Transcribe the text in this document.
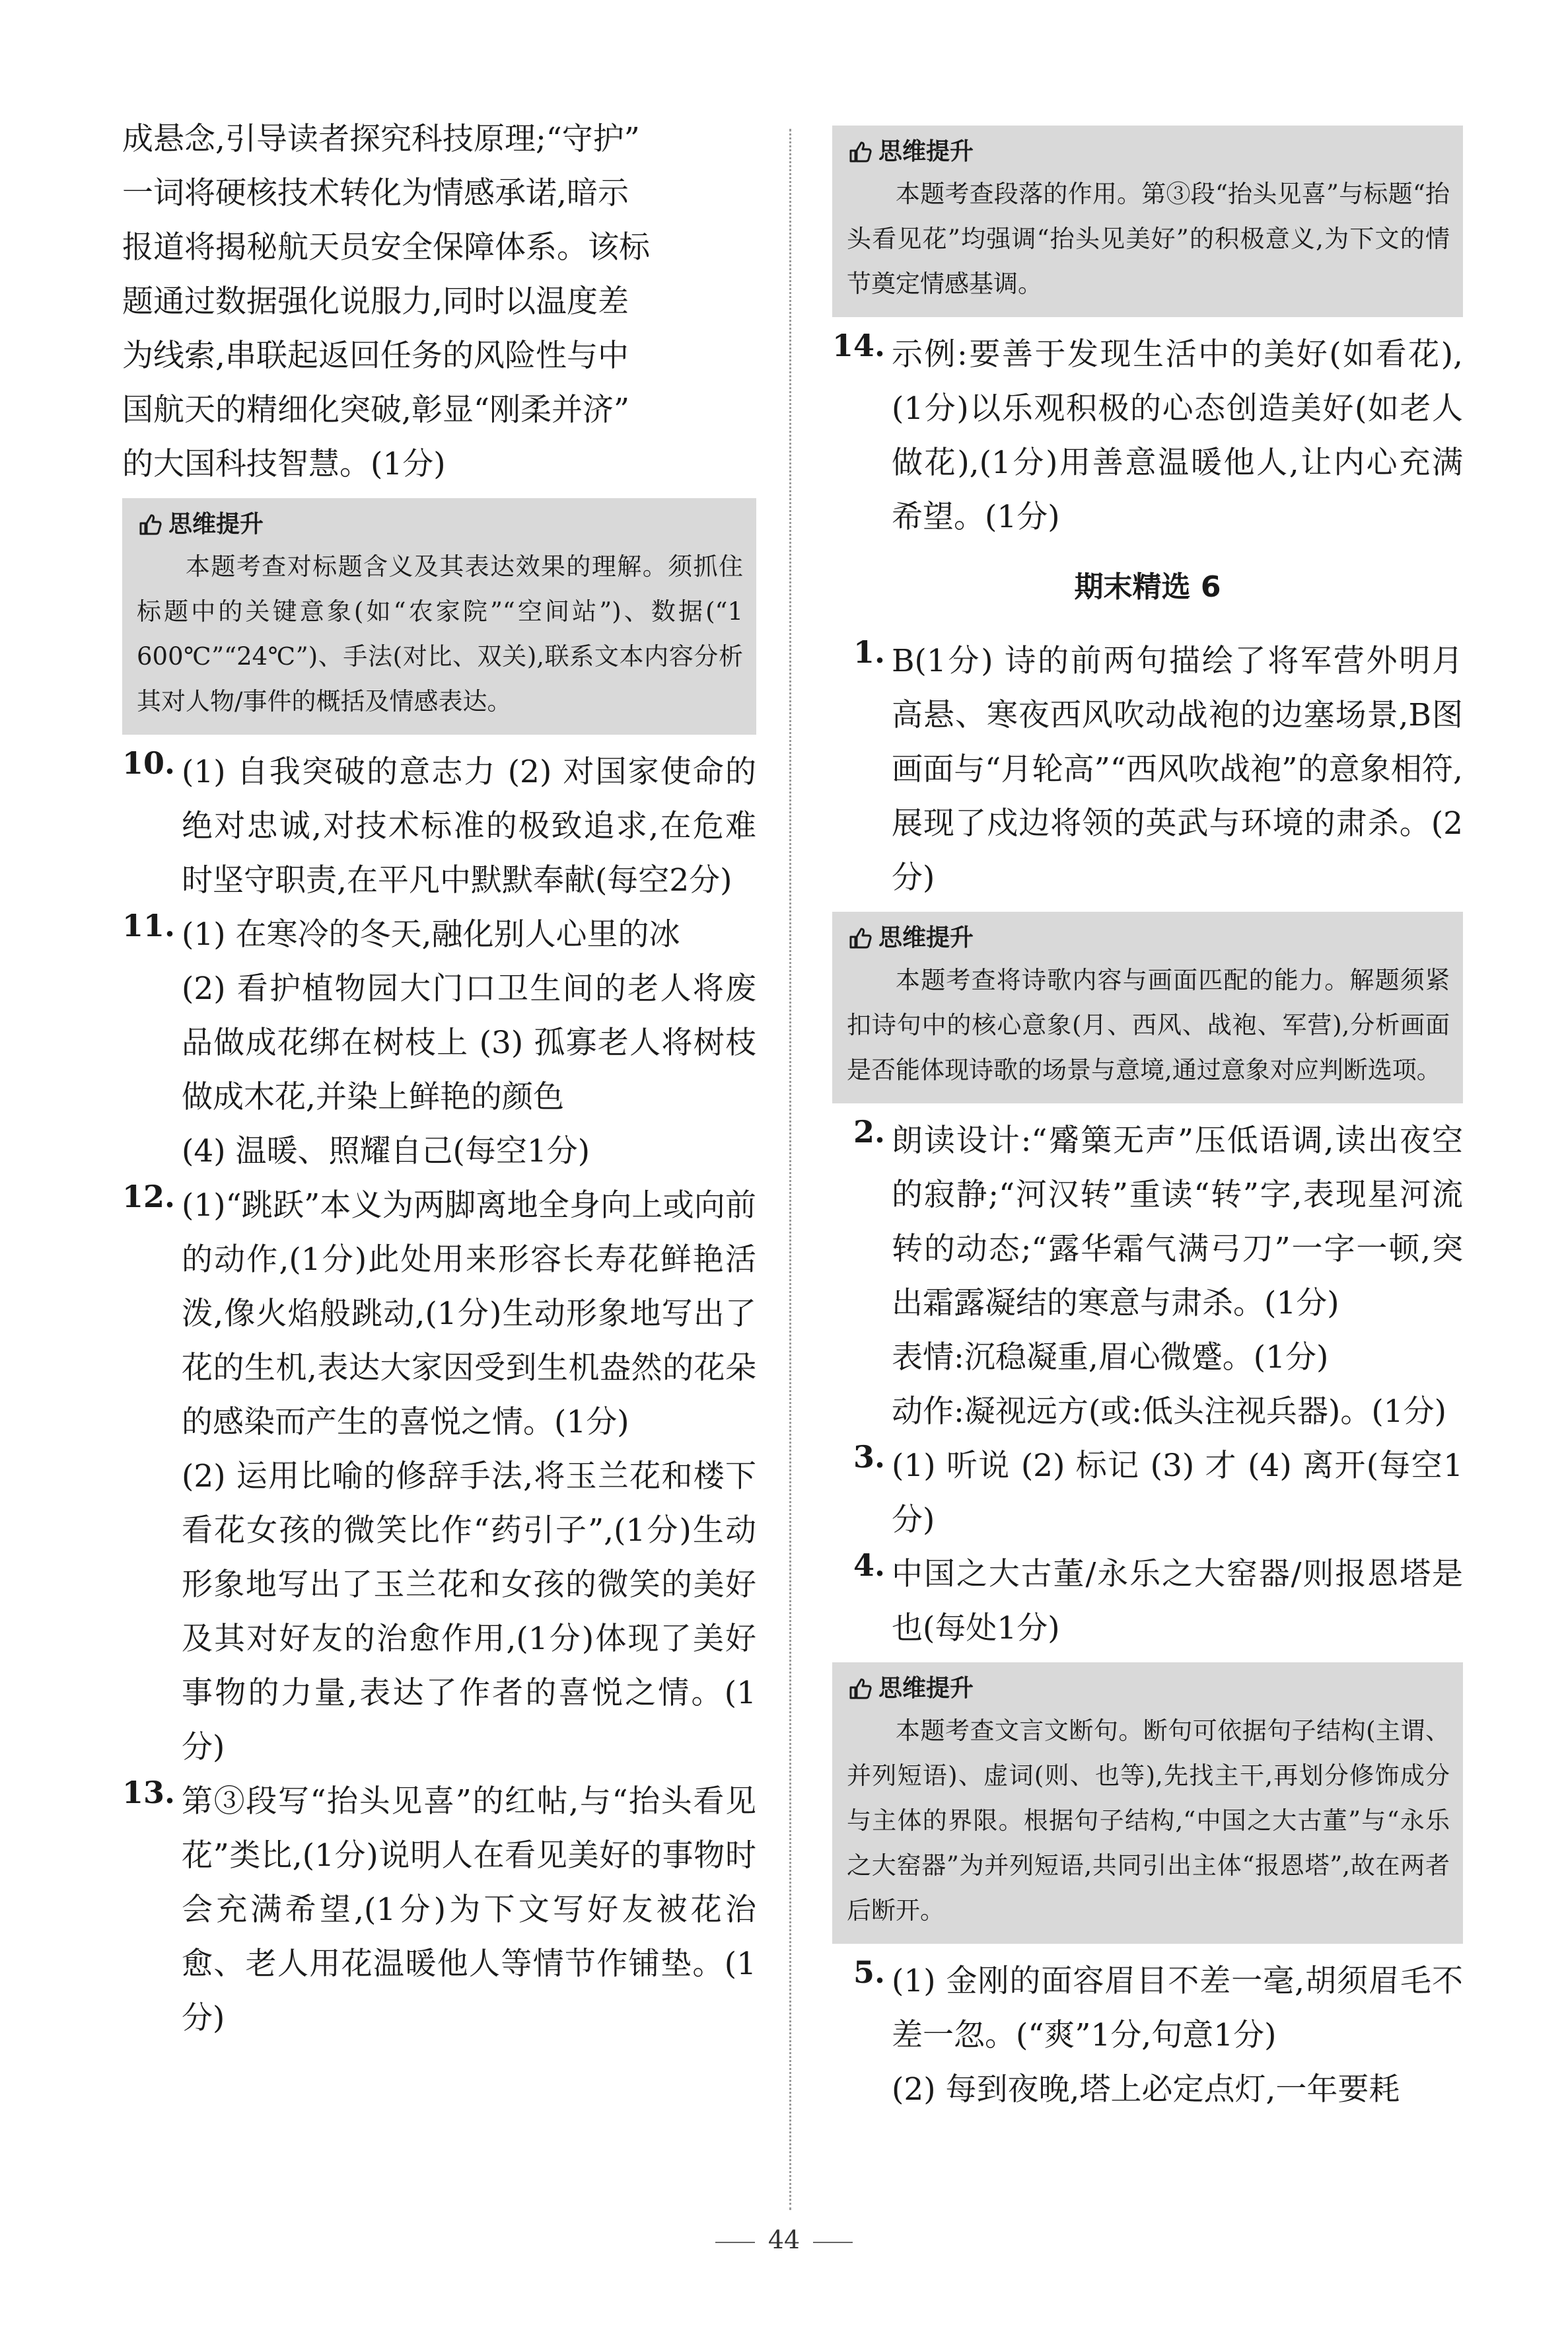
成悬念,引导读者探究科技原理;“守护”

一词将硬核技术转化为情感承诺,暗示

报道将揭秘航天员安全保障体系。该标

题通过数据强化说服力,同时以温度差

为线索,串联起返回任务的风险性与中

国航天的精细化突破,彰显“刚柔并济”

的大国科技智慧。(1分)

思维提升

本题考查对标题含义及其表达效果的理解。须抓住标题中的关键意象(如“农家院”“空间站”)、数据(“1 600℃”“24℃”)、手法(对比、双关),联系文本内容分析其对人物/事件的概括及情感表达。

10. (1) 自我突破的意志力 (2) 对国家使命的绝对忠诚,对技术标准的极致追求,在危难时坚守职责,在平凡中默默奉献(每空2分)

11. (1) 在寒冷的冬天,融化别人心里的冰

(2) 看护植物园大门口卫生间的老人将废品做成花绑在树枝上 (3) 孤寡老人将树枝做成木花,并染上鲜艳的颜色

(4) 温暖、照耀自己(每空1分)

12. (1)“跳跃”本义为两脚离地全身向上或向前的动作,(1分)此处用来形容长寿花鲜艳活泼,像火焰般跳动,(1分)生动形象地写出了花的生机,表达大家因受到生机盎然的花朵的感染而产生的喜悦之情。(1分)

(2) 运用比喻的修辞手法,将玉兰花和楼下看花女孩的微笑比作“药引子”,(1分)生动形象地写出了玉兰花和女孩的微笑的美好及其对好友的治愈作用,(1分)体现了美好事物的力量,表达了作者的喜悦之情。(1分)

13. 第③段写“抬头见喜”的红帖,与“抬头看见花”类比,(1分)说明人在看见美好的事物时会充满希望,(1分)为下文写好友被花治愈、老人用花温暖他人等情节作铺垫。(1分)

思维提升

本题考查段落的作用。第③段“抬头见喜”与标题“抬头看见花”均强调“抬头见美好”的积极意义,为下文的情节奠定情感基调。

14. 示例:要善于发现生活中的美好(如看花),(1分)以乐观积极的心态创造美好(如老人做花),(1分)用善意温暖他人,让内心充满希望。(1分)

期末精选 6
1. B(1分) 诗的前两句描绘了将军营外明月高悬、寒夜西风吹动战袍的边塞场景,B图画面与“月轮高”“西风吹战袍”的意象相符,展现了戍边将领的英武与环境的肃杀。(2分)

思维提升

本题考查将诗歌内容与画面匹配的能力。解题须紧扣诗句中的核心意象(月、西风、战袍、军营),分析画面是否能体现诗歌的场景与意境,通过意象对应判断选项。

2. 朗读设计:“觱篥无声”压低语调,读出夜空的寂静;“河汉转”重读“转”字,表现星河流转的动态;“露华霜气满弓刀”一字一顿,突出霜露凝结的寒意与肃杀。(1分)

表情:沉稳凝重,眉心微蹙。(1分)

动作:凝视远方(或:低头注视兵器)。(1分)

3. (1) 听说 (2) 标记 (3) 才 (4) 离开(每空1分)

4. 中国之大古董/永乐之大窑器/则报恩塔是也(每处1分)

思维提升

本题考查文言文断句。断句可依据句子结构(主谓、并列短语)、虚词(则、也等),先找主干,再划分修饰成分与主体的界限。根据句子结构,“中国之大古董”与“永乐之大窑器”为并列短语,共同引出主体“报恩塔”,故在两者后断开。

5. (1) 金刚的面容眉目不差一毫,胡须眉毛不差一忽。(“爽”1分,句意1分)

(2) 每到夜晚,塔上必定点灯,一年要耗

44
